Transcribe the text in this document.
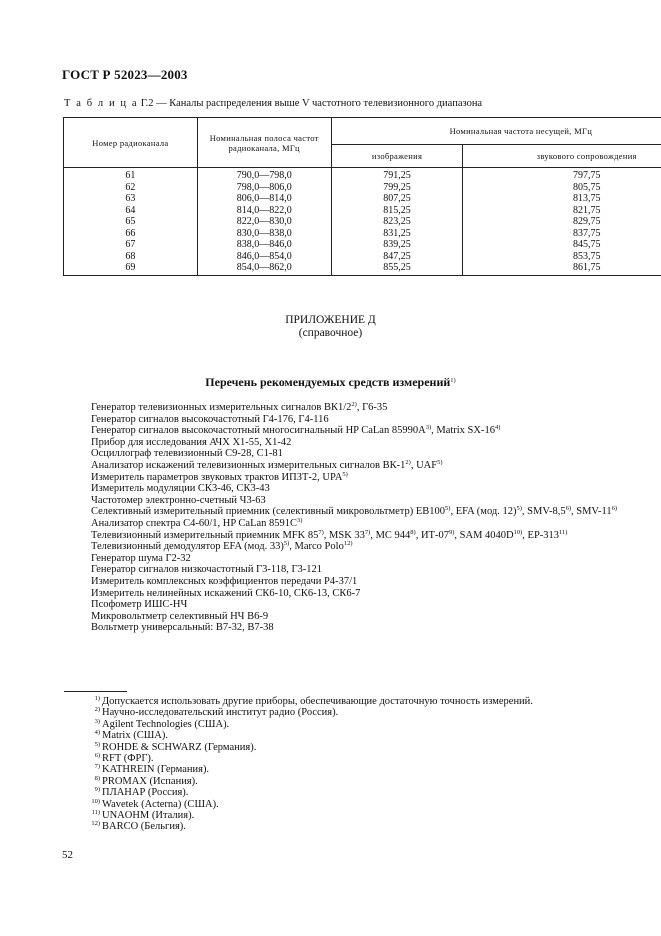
ГОСТ Р 52023—2003
Т а б л и ц а Г.2 — Каналы распределения выше V частотного телевизионного диапазона
Номер радиоканала	Номинальная полоса частот радиоканала, МГц	Номинальная частота несущей, МГц	
		изображения	звукового сопровождения
61	790,0—798,0	791,25	797,75
62	798,0—806,0	799,25	805,75
63	806,0—814,0	807,25	813,75
64	814,0—822,0	815,25	821,75
65	822,0—830,0	823,25	829,75
66	830,0—838,0	831,25	837,75
67	838,0—846,0	839,25	845,75
68	846,0—854,0	847,25	853,75
69	854,0—862,0	855,25	861,75
ПРИЛОЖЕНИЕ Д
(справочное)
Перечень рекомендуемых средств измерений$^{1)}$
Генератор телевизионных измерительных сигналов ВК1/2$^{2)}$, Г6-35
Генератор сигналов высокочастотный Г4-176, Г4-116
Генератор сигналов высокочастотный многосигнальный HP CaLan $85990A^{3)}$, Matrix SX-16$^{4)}$
Прибор для исследования АЧХ Х1-55, Х1-42
Осциллограф телевизионный С9-28, С1-81
Анализатор искажений телевизионных измерительных сигналов ВК-1$^{2)}$, UAF$^{5)}$
Измеритель параметров звуковых трактов ИПЗТ-2, UPA$^{5)}$
Измеритель модуляции СК3-46, СК3-43
Частотомер электронно-счетный Ч3-63
Селективный измерительный приемник (селективный микровольтметр) ЕВ100$^{5)}$, EFA (мод. 12)$^{5)}$, SMV-8,5$^{6)}$, SMV-11$^{6)}$
Анализатор спектра С4-60/1, HP CaLan $8591C^{3)}$
Телевизионный измерительный приемник MFK 85$^{7)}$, MSK 33$^{7)}$, MC 944$^{8)}$, ИТ-07$^{9)}$, SAM $4040D^{10)}$, EP-313$^{11)}$
Телевизионный демодулятор EFA (мод. 33)$^{5)}$, Marco Polo$^{12)}$
Генератор шума Г2-32
Генератор сигналов низкочастотный Г3-118, Г3-121
Измеритель комплексных коэффициентов передачи Р4-37/1
Измеритель нелинейных искажений СК6-10, СК6-13, СК6-7
Псофометр ИШС-НЧ
Микровольтметр селективный НЧ В6-9
Вольтметр универсальный: В7-32, В7-38
$^{1)}$ Допускается использовать другие приборы, обеспечивающие достаточную точность измерений.
$^{2)}$ Научно-исследовательский институт радио (Россия).
$^{3)}$ Agilent Technologies (США).
$^{4)}$ Matrix (США).
$^{5)}$ ROHDE & SCHWARZ (Германия).
$^{6)}$ RFT (ФРГ).
$^{7)}$ KATHREIN (Германия).
$^{8)}$ PROMAX (Испания).
$^{9)}$ ПЛАНАР (Россия).
$^{10)}$ Wavetek (Acterna) (США).
$^{11)}$ UNAOHM (Италия).
$^{12)}$ BARCO (Бельгия).
52
